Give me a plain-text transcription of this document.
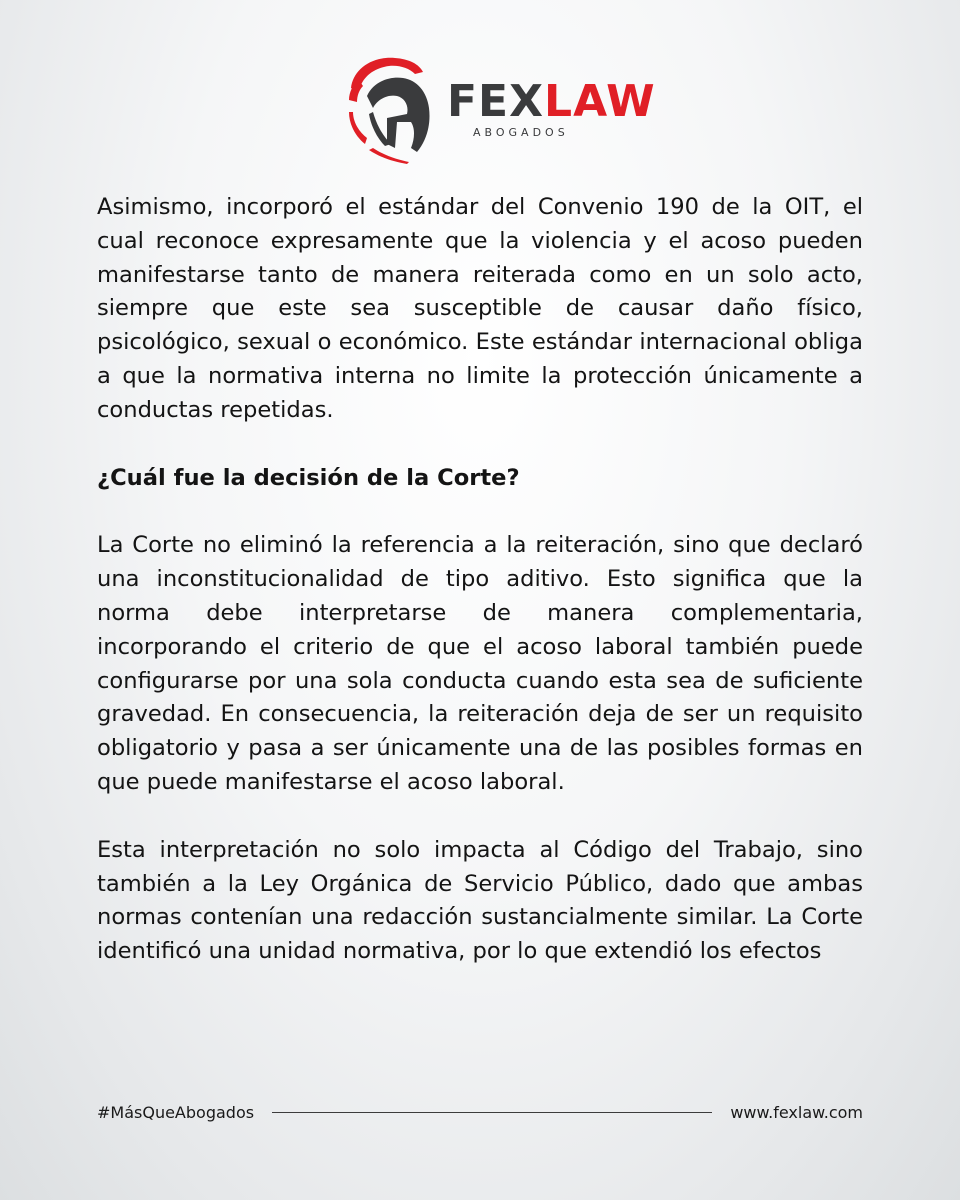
FEXLAW
ABOGADOS

Asimismo, incorporó el estándar del Convenio 190 de la OIT, el cual reconoce expresamente que la violencia y el acoso pueden manifestarse tanto de manera reiterada como en un solo acto, siempre que este sea susceptible de causar daño físico, psicológico, sexual o económico. Este estándar internacional obliga a que la normativa interna no limite la protección únicamente a conductas repetidas.

¿Cuál fue la decisión de la Corte?

La Corte no eliminó la referencia a la reiteración, sino que declaró una inconstitucionalidad de tipo aditivo. Esto significa que la norma debe interpretarse de manera complementaria, incorporando el criterio de que el acoso laboral también puede configurarse por una sola conducta cuando esta sea de suficiente gravedad. En consecuencia, la reiteración deja de ser un requisito obligatorio y pasa a ser únicamente una de las posibles formas en que puede manifestarse el acoso laboral.

Esta interpretación no solo impacta al Código del Trabajo, sino también a la Ley Orgánica de Servicio Público, dado que ambas normas contenían una redacción sustancialmente similar. La Corte identificó una unidad normativa, por lo que extendió los efectos

#MásQueAbogados	www.fexlaw.com
